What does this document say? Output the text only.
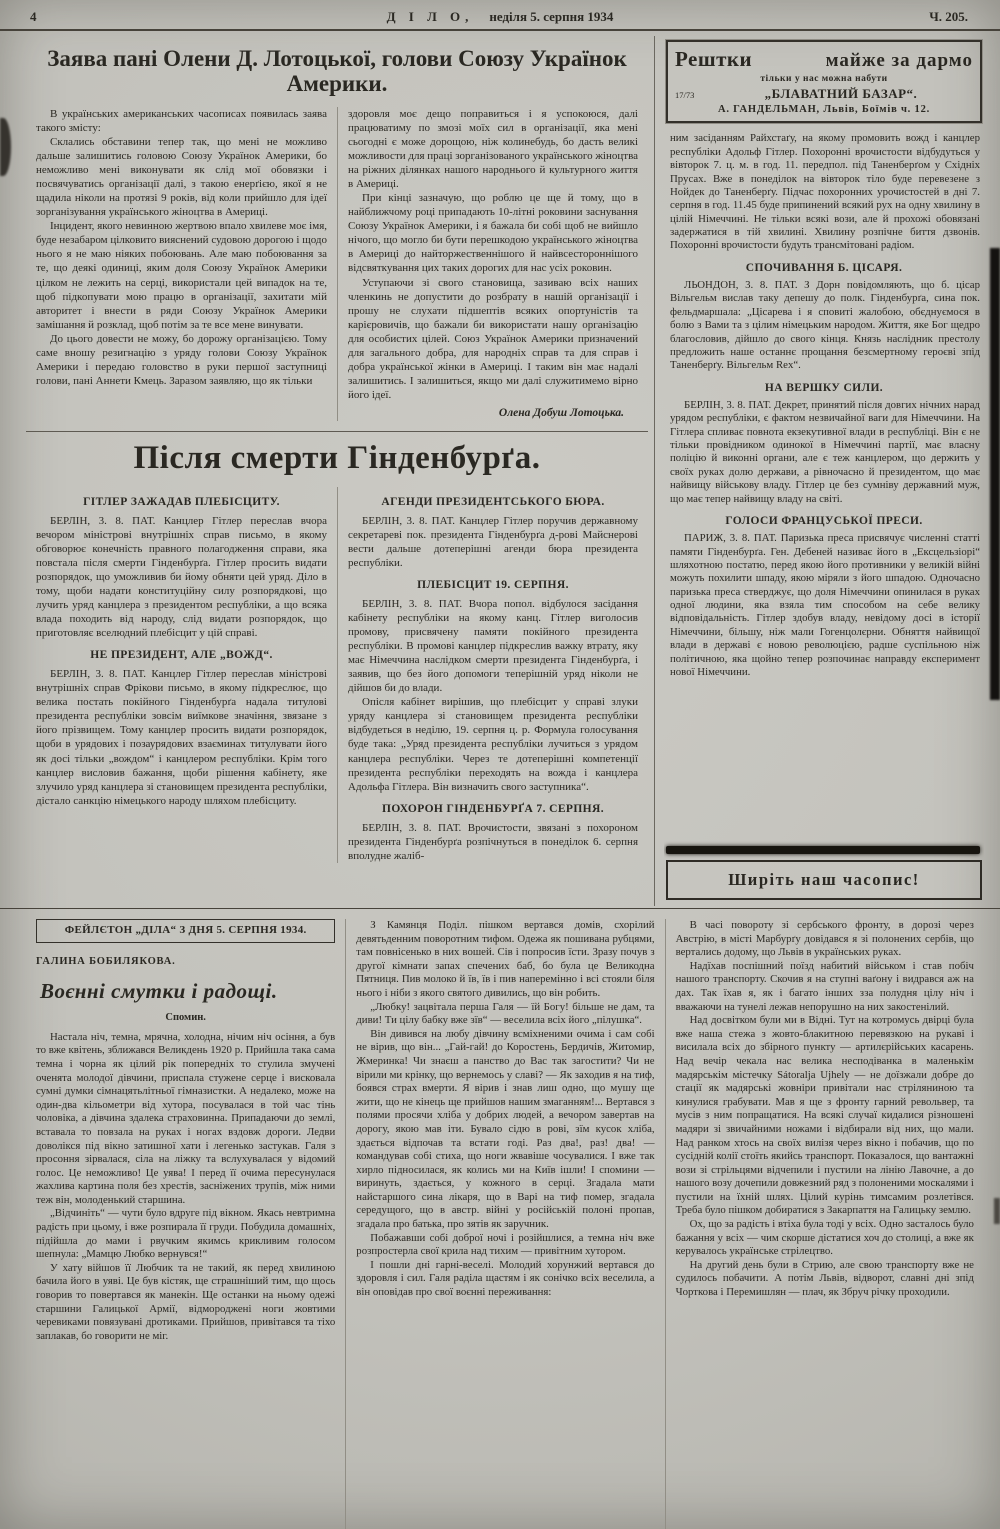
4	Д І Л О, неділя 5. серпня 1934	Ч. 205.
Заява пані Олени Д. Лотоцької, голови Союзу Українок Америки.

В українських американських часописах появилась заява такого змісту:

Склались обставини тепер так, що мені не можливо дальше залишитись головою Союзу Українок Америки, бо неможливо мені виконувати як слід мої обовязки і посвячуватись організації далі, з такою енерґією, якої я не щадила ніколи на протязі 9 років, від коли прийшло для ідеї зорганізування українського жіноцтва в Америці.

Інцидент, якого невинною жертвою впало хвилеве моє імя, буде незабаром цілковито вияснений судовою дорогою і щодо нього я не маю ніяких побоювань. Але маю побоювання за те, що деякі одиниці, яким доля Союзу Українок Америки цілком не лежить на серці, використали цей випадок на те, щоб підкопувати мою працю в організації, захитати мій авторитет і внести в ряди Союзу Українок Америки замішання й розклад, щоб потім за те все мене винувати.

До цього довести не можу, бо дорожу організацією. Тому саме вношу резигнацію з уряду голови Союзу Українок Америки і передаю головство в руки першої заступниці голови, пані Аннети Кмець. Заразом заявляю, що як тільки

здоровля моє дещо поправиться і я успокоюся, далі працюватиму по змозі моїх сил в організації, яка мені сьогодні є може дорощою, ніж колинебудь, бо дасть великі можливости для праці зорганізованого українського жіноцтва на ріжних ділянках нашого народнього й культурного життя в Америці.

При кінці зазначую, що роблю це ще й тому, що в найближчому році припадають 10-літні роковини заснування Союзу Українок Америки, і я бажала би собі щоб не вийшло нічого, що могло би бути перешкодою українського жіноцтва в Америці до найторжественнішого й найвсестороннішого відсвяткування цих таких дорогих для нас усіх роковин.

Уступаючи зі свого становища, зазиваю всіх наших членкинь не допустити до розбрату в нашій організації і прошу не слухати підшептів всяких опортуністів та карієровичів, що бажали би використати нашу організацію для особистих цілей. Союз Українок Америки призначений для загального добра, для народніх справ та для справ і добра української жінки в Америці. І таким він має надалі залишитись. І залишиться, якщо ми далі служитимемо вірно його ідеї.

Олена Добуш Лотоцька.
Після смерти Гінденбурґа.
ГІТЛЕР ЗАЖАДАВ ПЛЕБІСЦИТУ.

БЕРЛІН, 3. 8. ПАТ. Канцлер Гітлер переслав вчора вечором міністрові внутрішніх справ письмо, в якому обговорює конечність правного полагодження справи, яка повстала після смерти Гінденбурґа. Гітлер просить видати розпорядок, що уможливив би йому обняти цей уряд. Діло в тому, щоби надати конституційну силу розпорядкові, що лучить уряд канцлера з президентом республіки, а що всяка влада походить від народу, слід видати розпорядок, що приготовляє вселюдний плебісцит у цій справі.

НЕ ПРЕЗИДЕНТ, АЛЕ „ВОЖД“.

БЕРЛІН, 3. 8. ПАТ. Канцлер Гітлер переслав міністрові внутрішніх справ Фрікови письмо, в якому підкреслює, що велика постать покійного Гінденбурґа надала титулові президента республіки зовсім виїмкове значіння, звязане з його прізвищем. Тому канцлер просить видати розпорядок, щоби в урядових і позаурядових взаєминах титулувати його як досі тільки „вождом“ і канцлером республіки. Крім того канцлер висловив бажання, щоби рішення кабінету, яке злучило уряд канцлера зі становищем президента республіки, дістало санкцію німецького народу шляхом плебісциту.

АГЕНДИ ПРЕЗИДЕНТСЬКОГО БЮРА.

БЕРЛІН, 3. 8. ПАТ. Канцлер Гітлер поручив державному секретареві пок. президента Гінденбурґа д-рові Майснерові вести дальше дотеперішні агенди бюра президента республіки.

ПЛЕБІСЦИТ 19. СЕРПНЯ.

БЕРЛІН, 3. 8. ПАТ. Вчора попол. відбулося засідання кабінету республіки на якому канц. Гітлер виголосив промову, присвячену памяти покійного президента республіки. В промові канцлер підкреслив важку втрату, яку має Німеччина наслідком смерти президента Гінденбурґа, і заявив, що без його допомоги теперішній уряд ніколи не дійшов би до влади.

Опісля кабінет вирішив, що плебісцит у справі злуки уряду канцлера зі становищем президента республіки відбудеться в неділю, 19. серпня ц. р. Формула голосування буде така: „Уряд президента республіки лучиться з урядом канцлера республіки. Через те дотеперішні компетенції президента республіки переходять на вожда і канцлера Адольфа Гітлера. Він визначить свого заступника“.

ПОХОРОН ГІНДЕНБУРҐА 7. СЕРПНЯ.

БЕРЛІН, 3. 8. ПАТ. Врочистости, звязані з похороном президента Гінденбурґа розпічнуться в понеділок 6. серпня вполудне жаліб-

Рештки	майже за дармо
тільки у нас можна набути
17/73	„БЛАВАТНИЙ БАЗАР“.
А. ГАНДЕЛЬМАН, Львів, Боїмів ч. 12.

ним засіданням Райхстаґу, на якому промовить вожд і канцлер республіки Адольф Гітлер. Похоронні врочистости відбудуться у вівторок 7. ц. м. в год. 11. передпол. під Таненберґом у Східніх Прусах. Вже в понеділок на вівторок тіло буде перевезене з Нойдек до Таненберґу. Підчас похоронних урочистостей в дні 7. серпня в год. 11.45 буде припинений всякий рух на одну хвилину в цілій Німеччині. Не тільки всякі вози, але й прохожі обовязані задержатися в тій хвилині. Хвилину розпічне биття дзвонів. Похоронні врочистости будуть трансмітовані радіом.

СПОЧИВАННЯ Б. ЦІСАРЯ.

ЛЬОНДОН, 3. 8. ПАТ. З Дорн повідомляють, що б. цісар Вільгельм вислав таку депешу до полк. Гінденбурґа, сина пок. фельдмаршала: „Цісарева і я сповиті жалобою, обєднуємося в болю з Вами та з цілим німецьким народом. Життя, яке Бог щедро благословив, дійшло до свого кінця. Князь наслідник престолу предложить наше останнє прощання безсмертному героєві зпід Таненберґу. Вільгельм Rex“.

НА ВЕРШКУ СИЛИ.

БЕРЛІН, 3. 8. ПАТ. Декрет, принятий після довгих нічних нарад урядом республіки, є фактом незвичайної ваги для Німеччини. На Гітлера спливає повнота екзекутивної влади в республіці. Він є не тільки провідником одинокої в Німеччині партії, має власну поліцію й виконні органи, але є теж канцлером, що держить у своїх руках долю держави, а рівночасно й президентом, що має найвищу військову владу. Гітлер це без сумніву державний муж, що має тепер найвищу владу на світі.

ГОЛОСИ ФРАНЦУСЬКОЇ ПРЕСИ.

ПАРИЖ, 3. 8. ПАТ. Паризька преса присвячує численні статті памяти Гінденбурґа. Ген. Дебеней називає його в „Ексцельзіорі“ шляхотною постатю, перед якою його противники у великій війні можуть похилити шпаду, якою міряли з його шпадою. Одночасно паризька преса стверджує, що доля Німеччини опинилася в руках одної людини, яка взяла тим способом на себе велику відповідальність. Гітлер здобув владу, невідому досі в історії Німеччини, більшу, ніж мали Гогенцолєрни. Обняття найвищої влади в державі є новою революцією, радше суспільною ніж політичною, яка щойно тепер розпочинає направду експеримент нової Німеччини.

Ширіть наш часопис!
ФЕЙЛЄТОН „ДІЛА“ З ДНЯ 5. СЕРПНЯ 1934.
ГАЛИНА БОБИЛЯКОВА.
Воєнні смутки і радощі.
Спомин.

Настала ніч, темна, мрячна, холодна, нічим ніч осіння, а був то вже квітень, зближався Великдень 1920 р. Прийшла така сама темна і чорна як цілий рік попередніх то стулила змучені оченята молодої дівчини, приспала стужене серце і висковала сумні думки сімнацятьлітньої гімназистки. А недалеко, може на один-два кільометри від хутора, посувалася в той час тінь чоловіка, а дівчина здалека страховинна. Припадаючи до землі, вставала то повзала на руках і ногах вздовж дороги. Ледви доволікся під вікно затишної хати і легенько застукав. Галя з просоння зірвалася, сіла на ліжку та вслухувалася у відомий голос. Це неможливо! Це уява! І перед її очима пересунулася жахлива картина поля без хрестів, засніжених трупів, між ними теж він, молоденький старшина.

„Відчиніть“ — чути було вдруге під вікном. Якась невтримна радість при цьому, і вже розпирала її груди. Побудила домашніх, підійшла до мами і рвучким якимсь крикливим голосом шепнула: „Мамцю Любко вернувся!“

У хату війшов її Любчик та не такий, як перед хвилиною бачила його в уяві. Це був кістяк, ще страшніший тим, що щось говорив то повертався як манекін. Ще останки на ньому одежі старшини Галицької Армії, відмороджені ноги жовтими черевиками повязувані дротиками. Прийшов, привітався та тіхо заплакав, бо говорити не міг.

З Камянця Поділ. пішком вертався домів, схорілий девятьденним поворотним тифом. Одежа як пошивана рубцями, там повнісенько в них вошей. Сів і попросив їсти. Зразу почув з другої кімнати запах спечених баб, бо була це Великодна Пятниця. Пив молоко й їв, їв і пив наперемінно і всі стояли біля нього і ніби з якого святого дивились, що він робить.

„Любку! зацвітала перша Галя — їй Богу! більше не дам, та диви! Ти цілу бабку вже зїв“ — веселила всіх його „пілушка“.

Він дивився на любу дівчину всміхненими очима і сам собі не вірив, що він... „Гай-гай! до Коростень, Бердичів, Житомир, Жмеринка! Чи знаєш а панство до Вас так загостити? Чи не вірили ми крінку, що вернемось у славі? — Як заходив я на тиф, боявся страх вмерти. Я вірив і знав лиш одно, що мушу ще жити, що не кінець ще прийшов нашим змаганням!... Вертався з полями просячи хліба у добрих людей, а вечором завертав на дорогу, якою мав іти. Бувало сідю в рові, зїм кусок хліба, здається відпочав та встати годі. Раз два!, раз! два! — командував собі стиха, що ноги жвавіше чосувалися. І вже так хирло підносилася, як колись ми на Київ ішли! І спомини — виринуть, здається, у кожного в серці. Згадала мати найстаршого сина лікаря, що в Варі на тиф помер, згадала середущого, що в австр. війні у російській полоні пропав, згадала про батька, про зятів як заручник.

Побажавши собі доброї ночі і розійшлися, а темна ніч вже розпростерла свої крила над тихим — привітним хутором.

І пошли дні гарні-веселі. Молодий хорунжий вертався до здоровля і сил. Галя раділа щастям і як сонічко всіх веселила, а він оповідав про свої воєнні переживання:

В часі повороту зі сербського фронту, в дорозі через Австрію, в місті Марбурґу довідався я зі полонених сербів, що вертались додому, що Львів в українських руках.

Надїхав поспішний поїзд набитий військом і став побіч нашого транспорту. Скочив я на ступні ваґону і видрався аж на дах. Так їхав я, як і багато інших зза полудня цілу ніч і вважаючи на тунелі лежав непорушно на них закостенілий.

Над досвітком були ми в Відні. Тут на котромусь двірці була вже наша стежа з жовто-блакитною перевязкою на рукаві і висилала всіх до збірного пункту — артилєрійських касарень. Над вечір чекала нас велика несподіванка в маленькім мадярськім містечку Sátoralja Ujhely — не доїзжали добре до стації як мадярські жовніри привітали нас стріляниною та кинулися грабувати. Мав я ще з фронту гарний револьвер, та мусів з ним попращатися. На всякі случаї кидалися різношені мадяри зі звичайними ножами і відбирали від них, що мали. Над ранком хтось на своїх вилізя через вікно і побачив, що по сусідній колії стоїть якийсь транспорт. Показалося, що вантажні вози зі стрільцями відчепили і пустили на лінію Лавочне, а до нашого возу дочепили довжезний ряд з полоненими москалями і пустили на їхній шлях. Цілий курінь тимсамим розлетівся. Треба було пішком добиратися з Закарпаття на Галицьку землю.

Ох, що за радість і втіха була тоді у всіх. Одно засталось було бажання у всіх — чим скорше дістатися хоч до столиці, а вже як керувалось українське стрілецтво.

На другий день були в Стрию, але свою транспорту вже не судилось побачити. А потім Львів, відворот, славні дні зпід Чорткова і Перемишлян — плач, як Збруч річку проходили.
